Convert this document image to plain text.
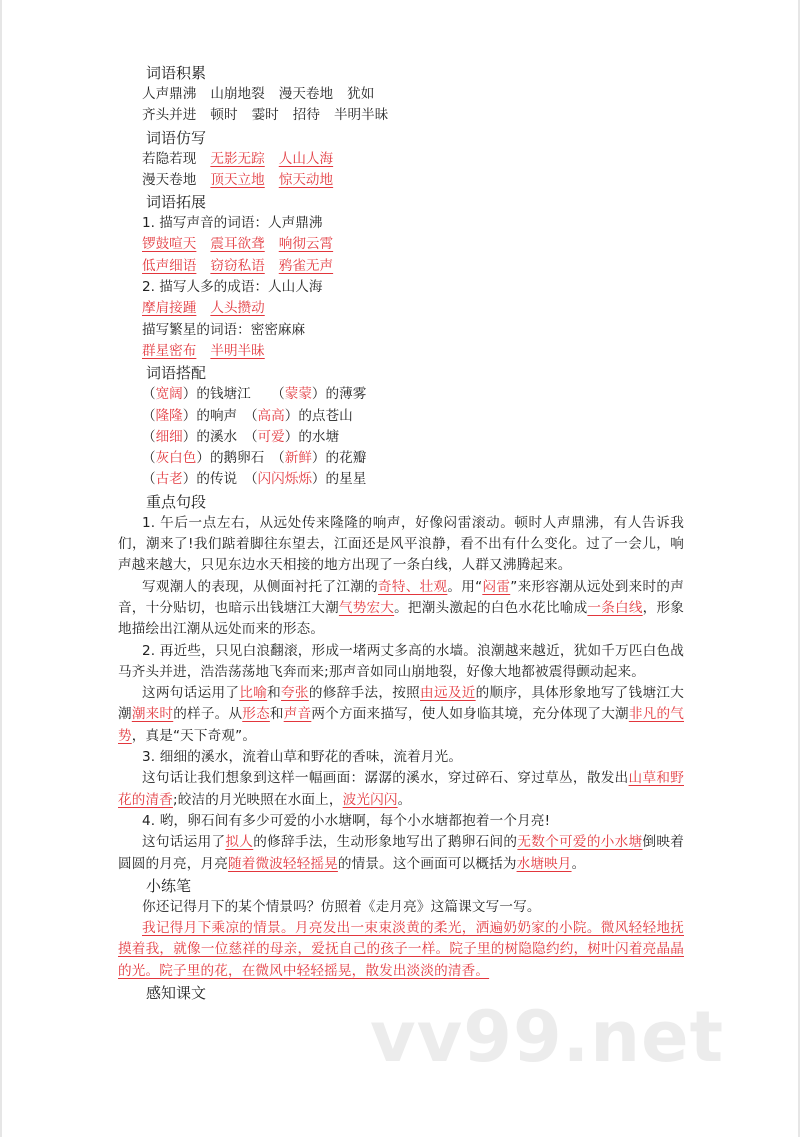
词语积累
人声鼎沸 山崩地裂 漫天卷地 犹如
齐头并进 顿时 霎时 招待 半明半昧
词语仿写
若隐若现 无影无踪 人山人海
漫天卷地 顶天立地 惊天动地
词语拓展
1. 描写声音的词语：人声鼎沸
锣鼓喧天 震耳欲聋 响彻云霄
低声细语 窃窃私语 鸦雀无声
2. 描写人多的成语：人山人海
摩肩接踵 人头攒动
描写繁星的词语：密密麻麻
群星密布 半明半昧
词语搭配
（宽阔）的钱塘江　　（蒙蒙）的薄雾
（隆隆）的响声　（高高）的点苍山
（细细）的溪水　（可爱）的水塘
（灰白色）的鹅卵石　（新鲜）的花瓣
（古老）的传说　（闪闪烁烁）的星星
重点句段
1. 午后一点左右，从远处传来隆隆的响声，好像闷雷滚动。顿时人声鼎沸，有人告诉我们，潮来了!我们踮着脚往东望去，江面还是风平浪静，看不出有什么变化。过了一会儿，响声越来越大，只见东边水天相接的地方出现了一条白线，人群又沸腾起来。
写观潮人的表现，从侧面衬托了江潮的奇特、壮观。用“闷雷”来形容潮从远处到来时的声音，十分贴切，也暗示出钱塘江大潮气势宏大。把潮头激起的白色水花比喻成一条白线，形象地描绘出江潮从远处而来的形态。
2. 再近些，只见白浪翻滚，形成一堵两丈多高的水墙。浪潮越来越近，犹如千万匹白色战马齐头并进，浩浩荡荡地飞奔而来;那声音如同山崩地裂，好像大地都被震得颤动起来。
这两句话运用了比喻和夸张的修辞手法，按照由远及近的顺序，具体形象地写了钱塘江大潮潮来时的样子。从形态和声音两个方面来描写，使人如身临其境，充分体现了大潮非凡的气势，真是“天下奇观”。
3. 细细的溪水，流着山草和野花的香味，流着月光。
这句话让我们想象到这样一幅画面：潺潺的溪水，穿过碎石、穿过草丛，散发出山草和野花的清香;皎洁的月光映照在水面上，波光闪闪。
4. 哟，卵石间有多少可爱的小水塘啊，每个小水塘都抱着一个月亮!
这句话运用了拟人的修辞手法，生动形象地写出了鹅卵石间的无数个可爱的小水塘倒映着圆圆的月亮，月亮随着微波轻轻摇晃的情景。这个画面可以概括为水塘映月。
小练笔
你还记得月下的某个情景吗？仿照着《走月亮》这篇课文写一写。
我记得月下乘凉的情景。月亮发出一束束淡黄的柔光，洒遍奶奶家的小院。微风轻轻地抚摸着我，就像一位慈祥的母亲，爱抚自己的孩子一样。院子里的树隐隐约约，树叶闪着亮晶晶的光。院子里的花，在微风中轻轻摇晃，散发出淡淡的清香。
感知课文
vv99.net
